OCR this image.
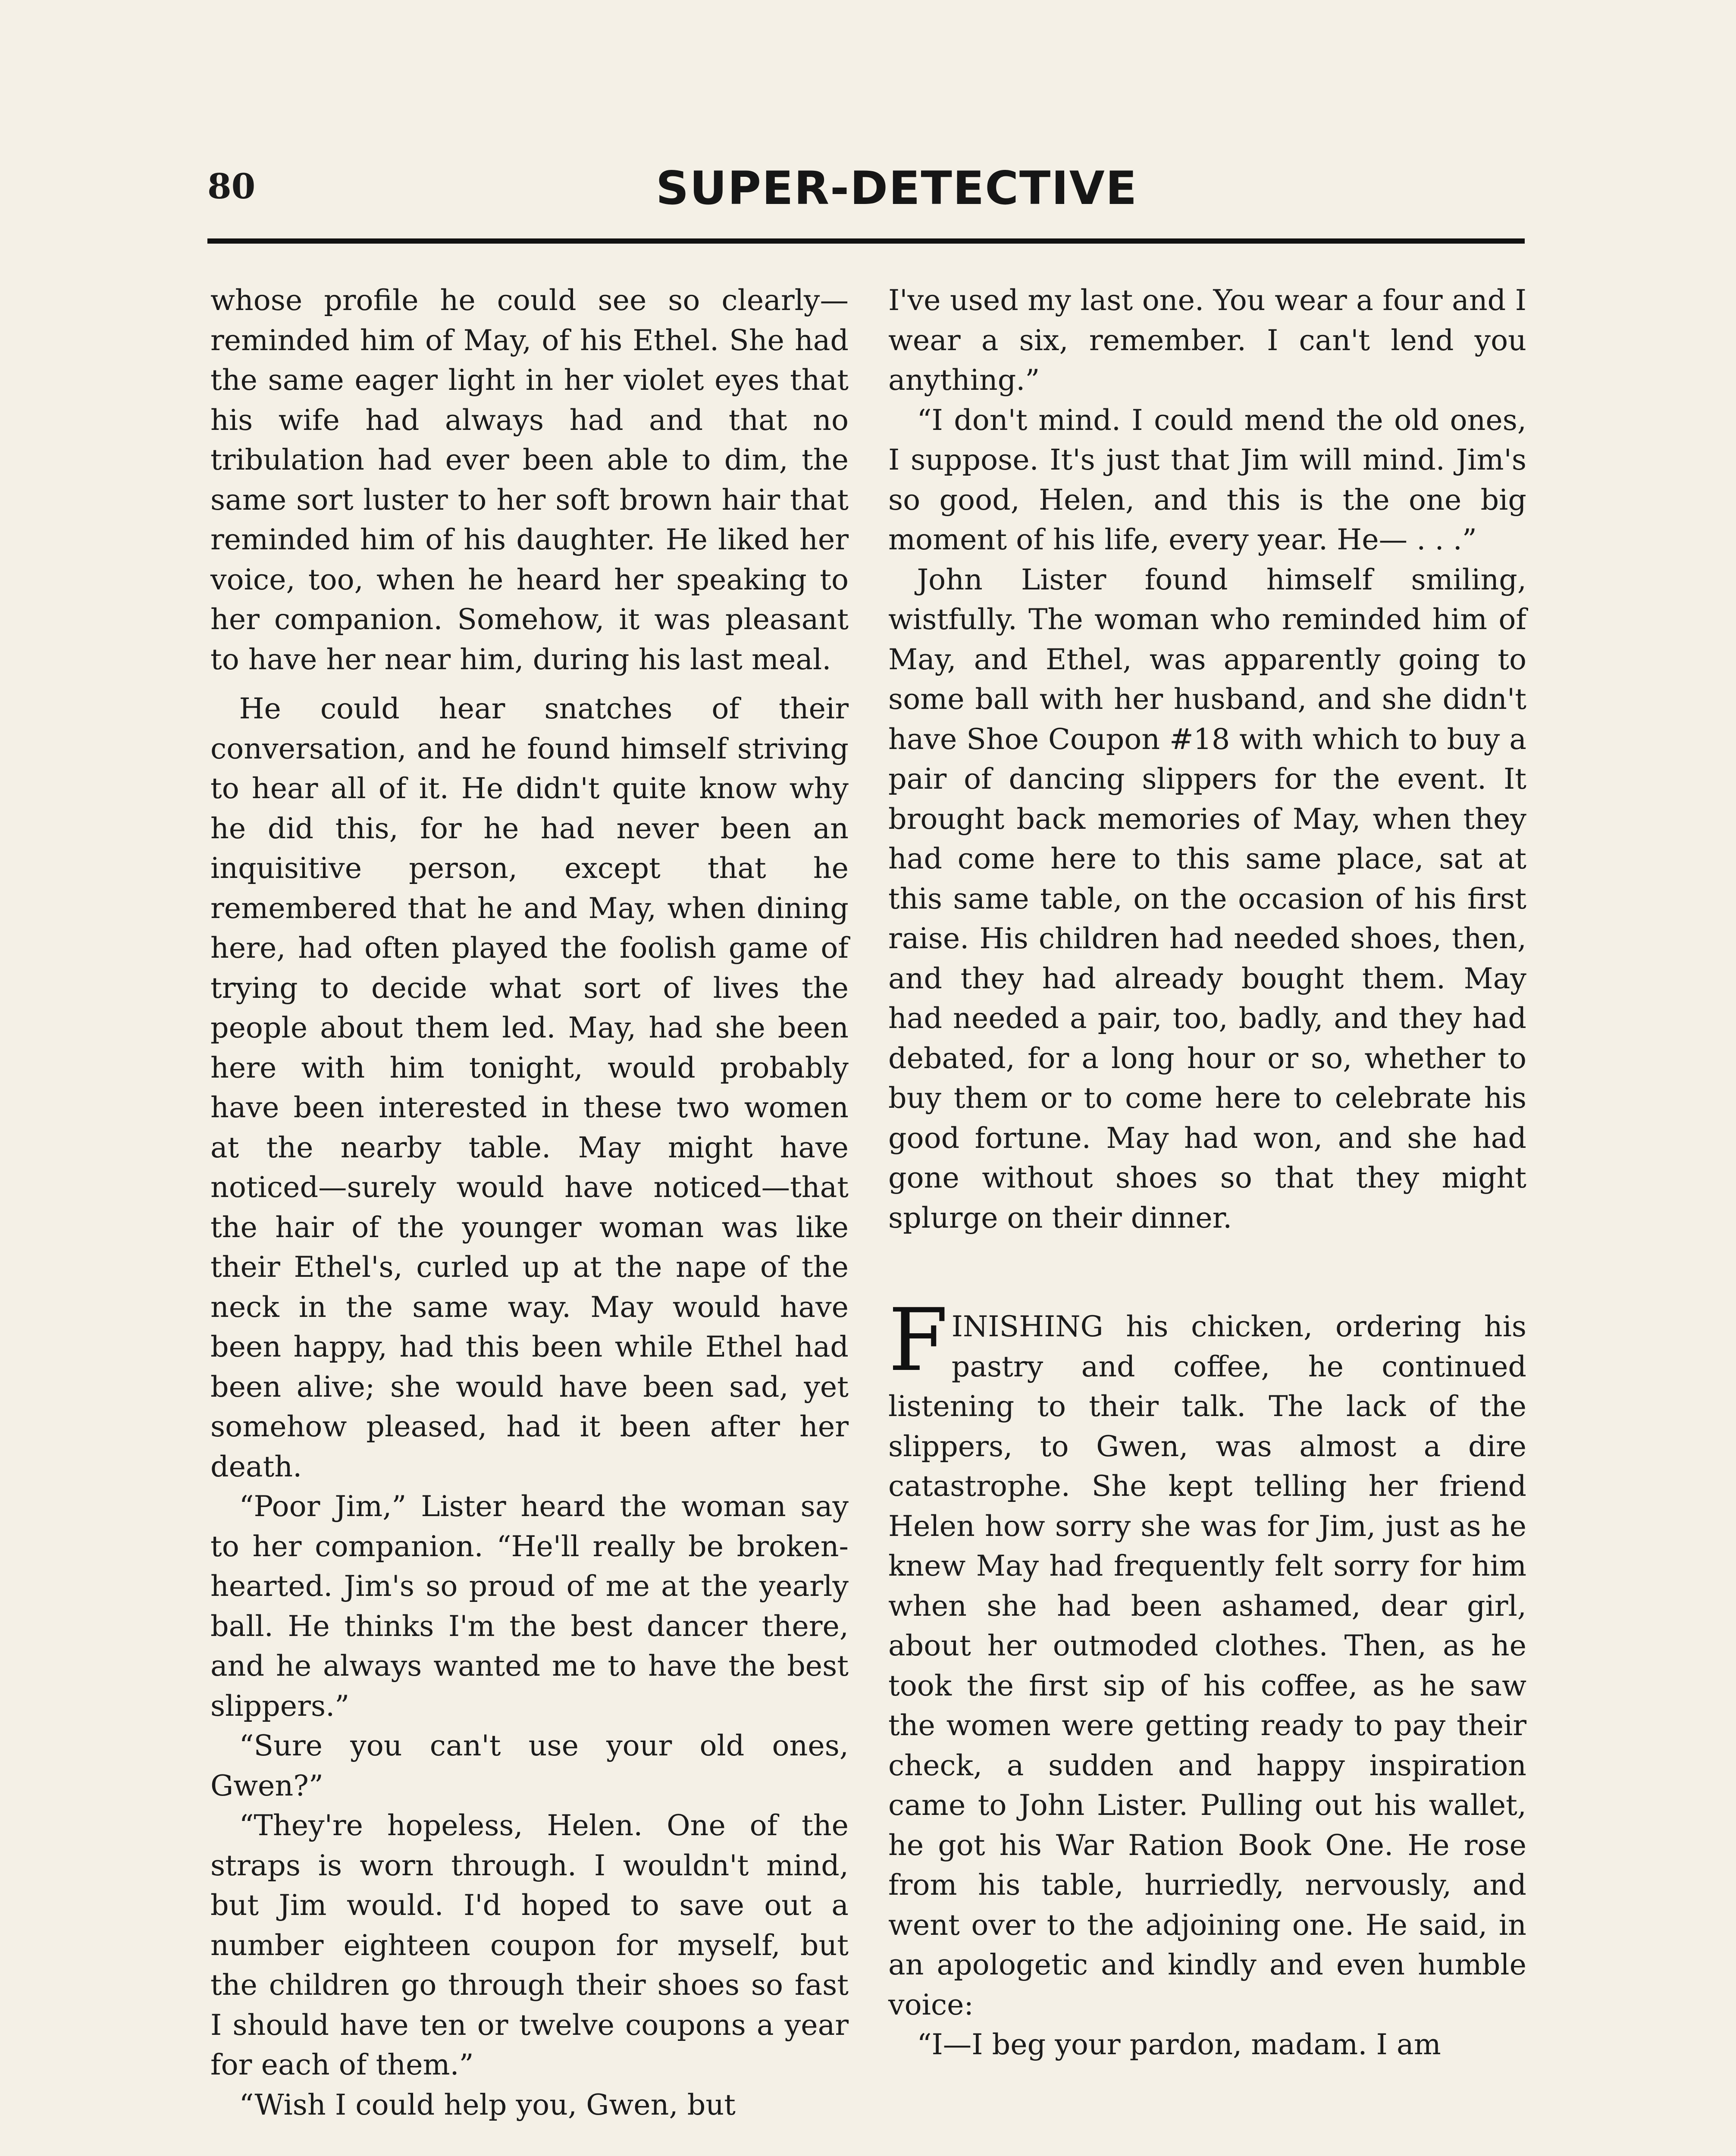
80	SUPER-DETECTIVE

whose profile he could see so clearly—reminded him of May, of his Ethel. She had the same eager light in her violet eyes that his wife had always had and that no tribulation had ever been able to dim, the same sort luster to her soft brown hair that reminded him of his daughter. He liked her voice, too, when he heard her speaking to her companion. Somehow, it was pleasant to have her near him, during his last meal.

He could hear snatches of their conversation, and he found himself striving to hear all of it. He didn't quite know why he did this, for he had never been an inquisitive person, except that he remembered that he and May, when dining here, had often played the foolish game of trying to decide what sort of lives the people about them led. May, had she been here with him tonight, would probably have been interested in these two women at the nearby table. May might have noticed—surely would have noticed—that the hair of the younger woman was like their Ethel's, curled up at the nape of the neck in the same way. May would have been happy, had this been while Ethel had been alive; she would have been sad, yet somehow pleased, had it been after her death.

“Poor Jim,” Lister heard the woman say to her companion. “He'll really be broken-hearted. Jim's so proud of me at the yearly ball. He thinks I'm the best dancer there, and he always wanted me to have the best slippers.”

“Sure you can't use your old ones, Gwen?”

“They're hopeless, Helen. One of the straps is worn through. I wouldn't mind, but Jim would. I'd hoped to save out a number eighteen coupon for myself, but the children go through their shoes so fast I should have ten or twelve coupons a year for each of them.”

“Wish I could help you, Gwen, but

I've used my last one. You wear a four and I wear a six, remember. I can't lend you anything.”

“I don't mind. I could mend the old ones, I suppose. It's just that Jim will mind. Jim's so good, Helen, and this is the one big moment of his life, every year. He— . . .”

John Lister found himself smiling, wistfully. The woman who reminded him of May, and Ethel, was apparently going to some ball with her husband, and she didn't have Shoe Coupon #18 with which to buy a pair of dancing slippers for the event. It brought back memories of May, when they had come here to this same place, sat at this same table, on the occasion of his first raise. His children had needed shoes, then, and they had already bought them. May had needed a pair, too, badly, and they had debated, for a long hour or so, whether to buy them or to come here to celebrate his good fortune. May had won, and she had gone without shoes so that they might splurge on their dinner.

FINISHING his chicken, ordering his pastry and coffee, he continued listening to their talk. The lack of the slippers, to Gwen, was almost a dire catastrophe. She kept telling her friend Helen how sorry she was for Jim, just as he knew May had frequently felt sorry for him when she had been ashamed, dear girl, about her outmoded clothes. Then, as he took the first sip of his coffee, as he saw the women were getting ready to pay their check, a sudden and happy inspiration came to John Lister. Pulling out his wallet, he got his War Ration Book One. He rose from his table, hurriedly, nervously, and went over to the adjoining one. He said, in an apologetic and kindly and even humble voice:

“I—I beg your pardon, madam. I am
